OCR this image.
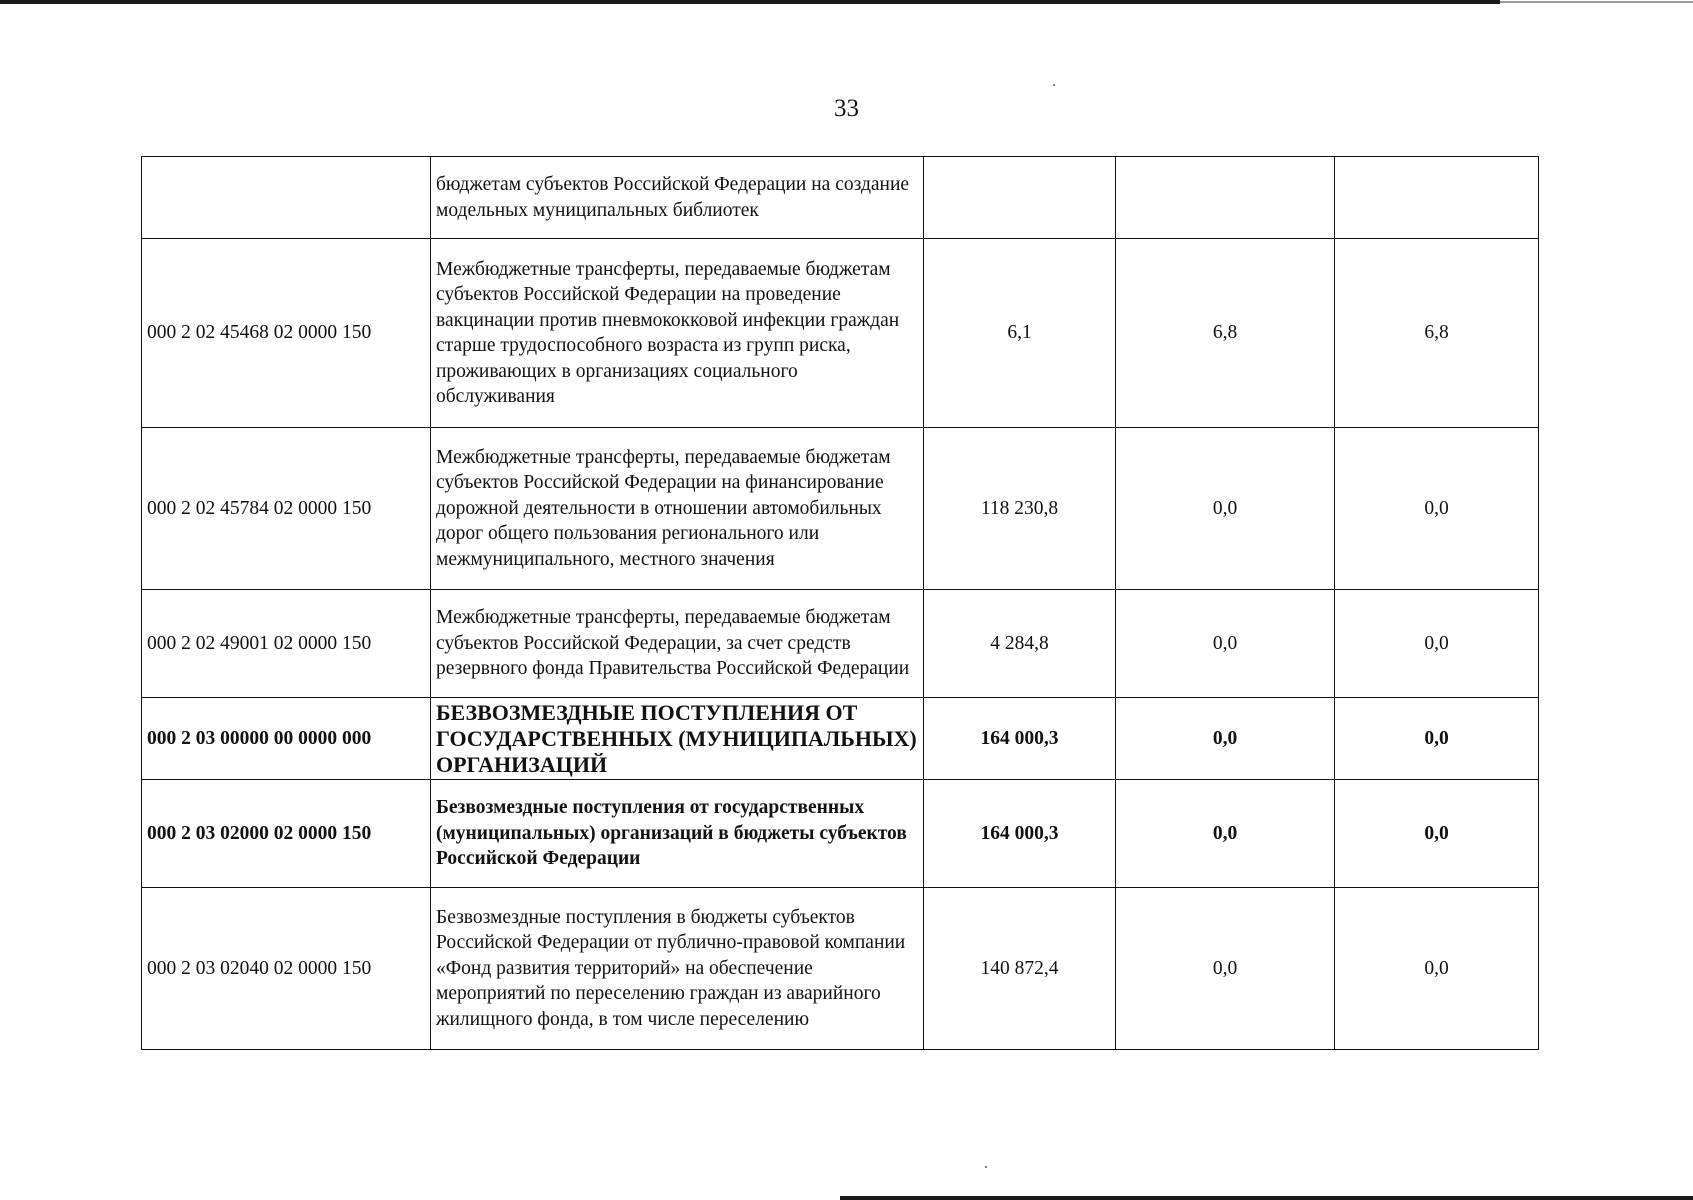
33
	бюджетам субъектов Российской Федерации на создание модельных муниципальных библиотек			
000 2 02 45468 02 0000 150	Межбюджетные трансферты, передаваемые бюджетам субъектов Российской Федерации на проведение вакцинации против пневмококковой инфекции граждан старше трудоспособного возраста из групп риска, проживающих в организациях социального обслуживания	6,1	6,8	6,8
000 2 02 45784 02 0000 150	Межбюджетные трансферты, передаваемые бюджетам субъектов Российской Федерации на финансирование дорожной деятельности в отношении автомобильных дорог общего пользования регионального или межмуниципального, местного значения	118 230,8	0,0	0,0
000 2 02 49001 02 0000 150	Межбюджетные трансферты, передаваемые бюджетам субъектов Российской Федерации, за счет средств резервного фонда Правительства Российской Федерации	4 284,8	0,0	0,0
000 2 03 00000 00 0000 000	БЕЗВОЗМЕЗДНЫЕ ПОСТУПЛЕНИЯ ОТ ГОСУДАРСТВЕННЫХ (МУНИЦИПАЛЬНЫХ) ОРГАНИЗАЦИЙ	164 000,3	0,0	0,0
000 2 03 02000 02 0000 150	Безвозмездные поступления от государственных (муниципальных) организаций в бюджеты субъектов Российской Федерации	164 000,3	0,0	0,0
000 2 03 02040 02 0000 150	Безвозмездные поступления в бюджеты субъектов Российской Федерации от публично-правовой компании «Фонд развития территорий» на обеспечение мероприятий по переселению граждан из аварийного жилищного фонда, в том числе переселению	140 872,4	0,0	0,0
